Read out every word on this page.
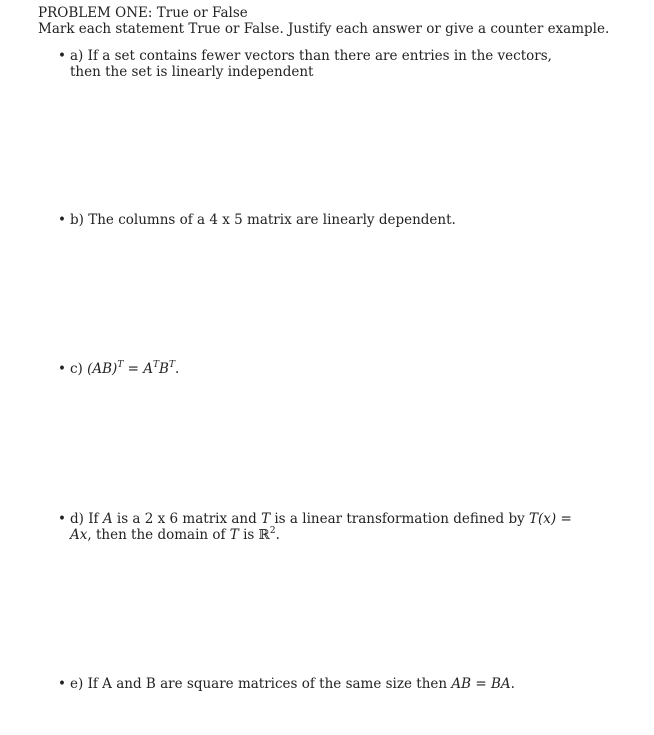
PROBLEM ONE: True or False
Mark each statement True or False. Justify each answer or give a counter example.
• a) If a set contains fewer vectors than there are entries in the vectors, then the set is linearly independent
• b) The columns of a 4 x 5 matrix are linearly dependent.
• c) $(AB)^T = A^TB^T$.
• d) If A is a 2 x 6 matrix and T is a linear transformation defined by T(x) = Ax, then the domain of T is ℝ$^2$.
• e) If A and B are square matrices of the same size then AB = BA.
